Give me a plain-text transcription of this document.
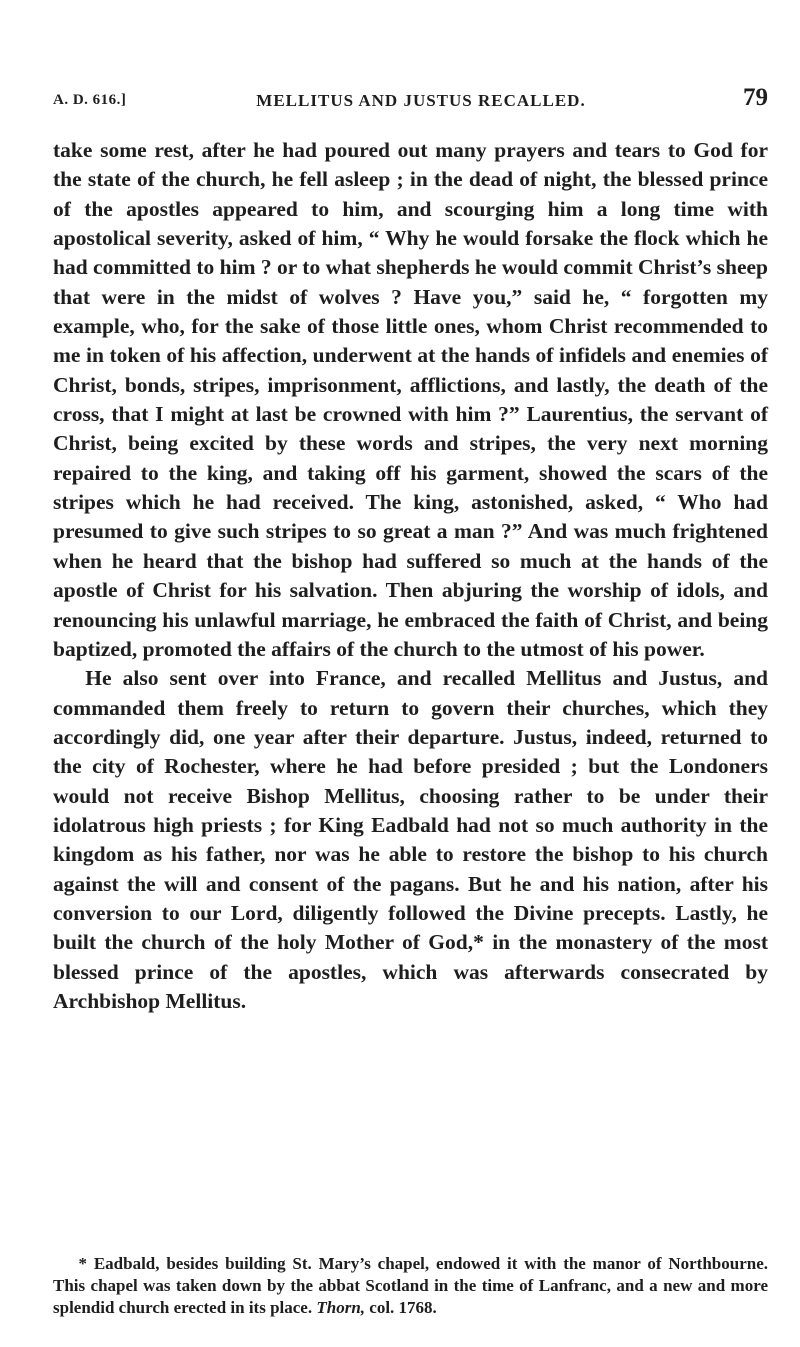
A. D. 616.]	MELLITUS AND JUSTUS RECALLED.	79

take some rest, after he had poured out many prayers and tears to God for the state of the church, he fell asleep ; in the dead of night, the blessed prince of the apostles appeared to him, and scourging him a long time with apostolical severity, asked of him, “ Why he would forsake the flock which he had committed to him ? or to what shepherds he would commit Christ’s sheep that were in the midst of wolves ? Have you,” said he, “ forgotten my example, who, for the sake of those little ones, whom Christ recommended to me in token of his affection, underwent at the hands of infidels and enemies of Christ, bonds, stripes, imprisonment, afflictions, and lastly, the death of the cross, that I might at last be crowned with him ?” Laurentius, the servant of Christ, being excited by these words and stripes, the very next morning repaired to the king, and taking off his garment, showed the scars of the stripes which he had received. The king, astonished, asked, “ Who had presumed to give such stripes to so great a man ?” And was much frightened when he heard that the bishop had suffered so much at the hands of the apostle of Christ for his salvation. Then abjuring the worship of idols, and renouncing his unlawful marriage, he embraced the faith of Christ, and being baptized, promoted the affairs of the church to the utmost of his power.

He also sent over into France, and recalled Mellitus and Justus, and commanded them freely to return to govern their churches, which they accordingly did, one year after their departure. Justus, indeed, returned to the city of Rochester, where he had before presided ; but the Londoners would not receive Bishop Mellitus, choosing rather to be under their idolatrous high priests ; for King Eadbald had not so much authority in the kingdom as his father, nor was he able to restore the bishop to his church against the will and consent of the pagans. But he and his nation, after his conversion to our Lord, diligently followed the Divine precepts. Lastly, he built the church of the holy Mother of God,* in the monastery of the most blessed prince of the apostles, which was afterwards consecrated by Archbishop Mellitus.

* Eadbald, besides building St. Mary’s chapel, endowed it with the manor of Northbourne. This chapel was taken down by the abbat Scotland in the time of Lanfranc, and a new and more splendid church erected in its place. Thorn, col. 1768.
